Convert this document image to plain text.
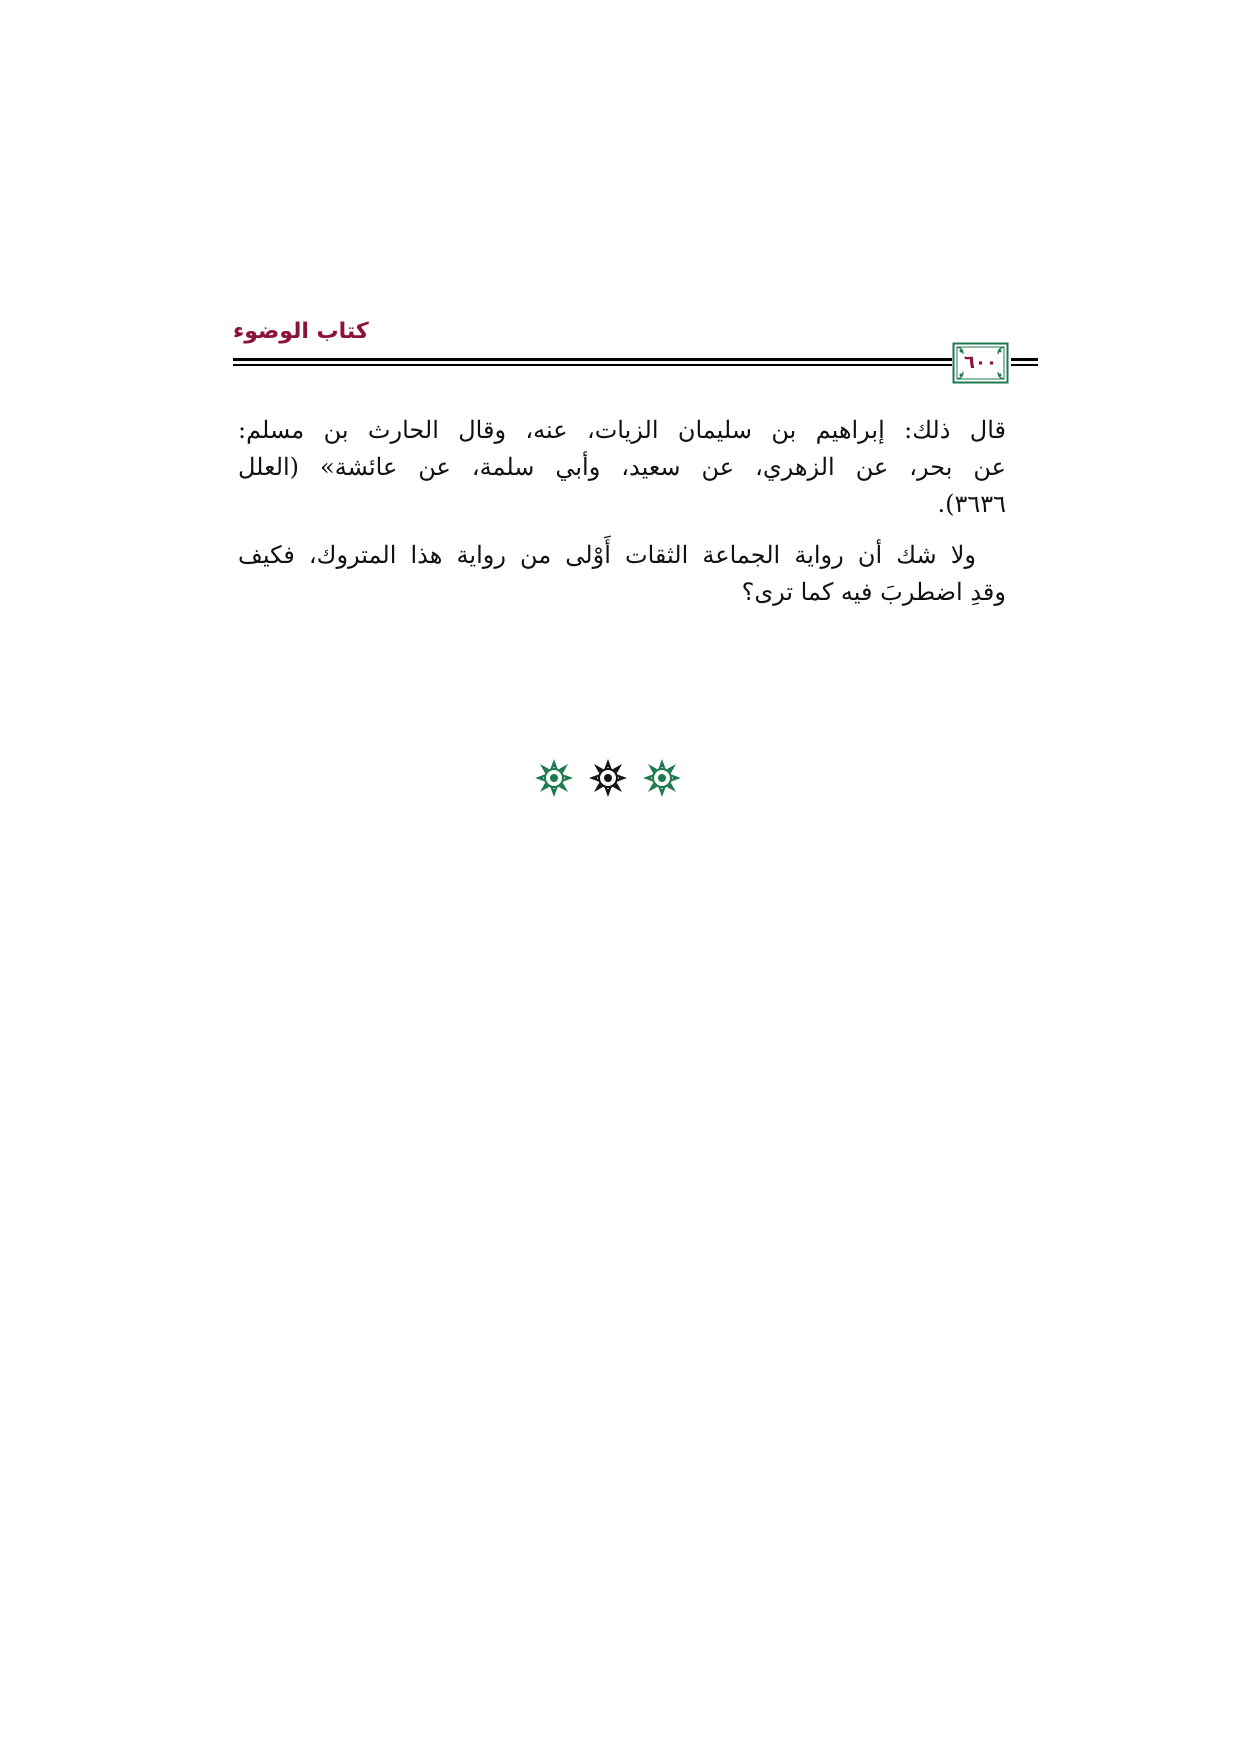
كتاب الوضوء
٦٠٠

قال ذلك: إبراهيم بن سليمان الزيات، عنه، وقال الحارث بن مسلم:
عن بحر، عن الزهري، عن سعيد، وأبي سلمة، عن عائشة» (العلل
٣٦٣٦).

ولا شك أن رواية الجماعة الثقات أَوْلى من رواية هذا المتروك، فكيف
وقدِ اضطربَ فيه كما ترى؟
